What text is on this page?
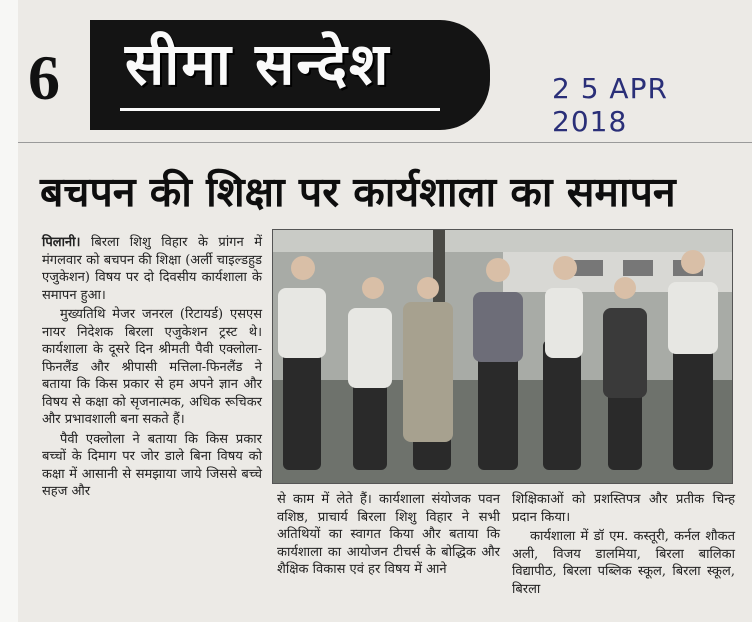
6 सीमा सन्देश	2 5 APR 2018
बचपन की शिक्षा पर कार्यशाला का समापन

पिलानी। बिरला शिशु विहार के प्रांगन में मंगलवार को बचपन की शिक्षा (अर्ली चाइल्डहुड एजुकेशन) विषय पर दो दिवसीय कार्यशाला के समापन हुआ।

मुख्यतिथि मेजर जनरल (रिटायर्ड) एसएस नायर निदेशक बिरला एजुकेशन ट्रस्ट थे। कार्यशाला के दूसरे दिन श्रीमती पैवी एक्लोला-फिनलैंड और श्रीपासी मत्तिला-फिनलैंड ने बताया कि किस प्रकार से हम अपने ज्ञान और विषय से कक्षा को सृजनात्मक, अधिक रूचिकर और प्रभावशाली बना सकते हैं।

पैवी एक्लोला ने बताया कि किस प्रकार बच्चों के दिमाग पर जोर डाले बिना विषय को कक्षा में आसानी से समझाया जाये जिससे बच्चे सहज और

से काम में लेते हैं। कार्यशाला संयोजक पवन वशिष्ठ, प्राचार्य बिरला शिशु विहार ने सभी अतिथियों का स्वागत किया और बताया कि कार्यशाला का आयोजन टीचर्स के बोद्धिक और शैक्षिक विकास एवं हर विषय में आने

शिक्षिकाओं को प्रशस्तिपत्र और प्रतीक चिन्ह प्रदान किया।

कार्यशाला में डॉ एम. कस्तूरी, कर्नल शौकत अली, विजय डालमिया, बिरला बालिका विद्यापीठ, बिरला पब्लिक स्कूल, बिरला स्कूल, बिरला
